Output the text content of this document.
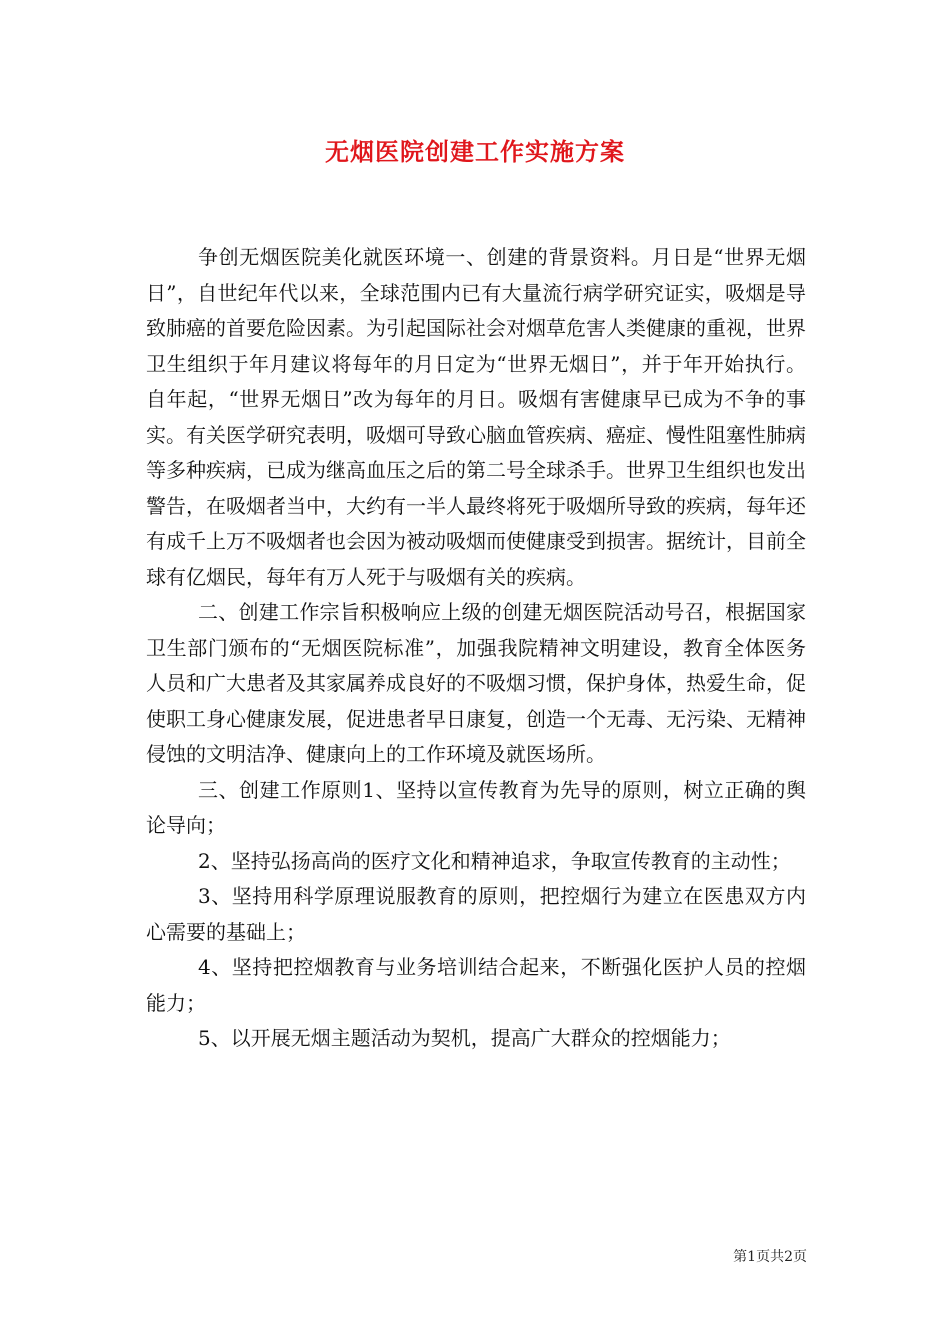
无烟医院创建工作实施方案

争创无烟医院美化就医环境一、创建的背景资料。月日是“世界无烟日”，自世纪年代以来，全球范围内已有大量流行病学研究证实，吸烟是导致肺癌的首要危险因素。为引起国际社会对烟草危害人类健康的重视，世界卫生组织于年月建议将每年的月日定为“世界无烟日”，并于年开始执行。自年起，“世界无烟日”改为每年的月日。吸烟有害健康早已成为不争的事实。有关医学研究表明，吸烟可导致心脑血管疾病、癌症、慢性阻塞性肺病等多种疾病，已成为继高血压之后的第二号全球杀手。世界卫生组织也发出警告，在吸烟者当中，大约有一半人最终将死于吸烟所导致的疾病，每年还有成千上万不吸烟者也会因为被动吸烟而使健康受到损害。据统计，目前全球有亿烟民，每年有万人死于与吸烟有关的疾病。

二、创建工作宗旨积极响应上级的创建无烟医院活动号召，根据国家卫生部门颁布的“无烟医院标准”，加强我院精神文明建设，教育全体医务人员和广大患者及其家属养成良好的不吸烟习惯，保护身体，热爱生命，促使职工身心健康发展，促进患者早日康复，创造一个无毒、无污染、无精神侵蚀的文明洁净、健康向上的工作环境及就医场所。

三、创建工作原则1、坚持以宣传教育为先导的原则，树立正确的舆论导向；

2、坚持弘扬高尚的医疗文化和精神追求，争取宣传教育的主动性；

3、坚持用科学原理说服教育的原则，把控烟行为建立在医患双方内心需要的基础上；

4、坚持把控烟教育与业务培训结合起来，不断强化医护人员的控烟能力；

5、以开展无烟主题活动为契机，提高广大群众的控烟能力；

第1页共2页
